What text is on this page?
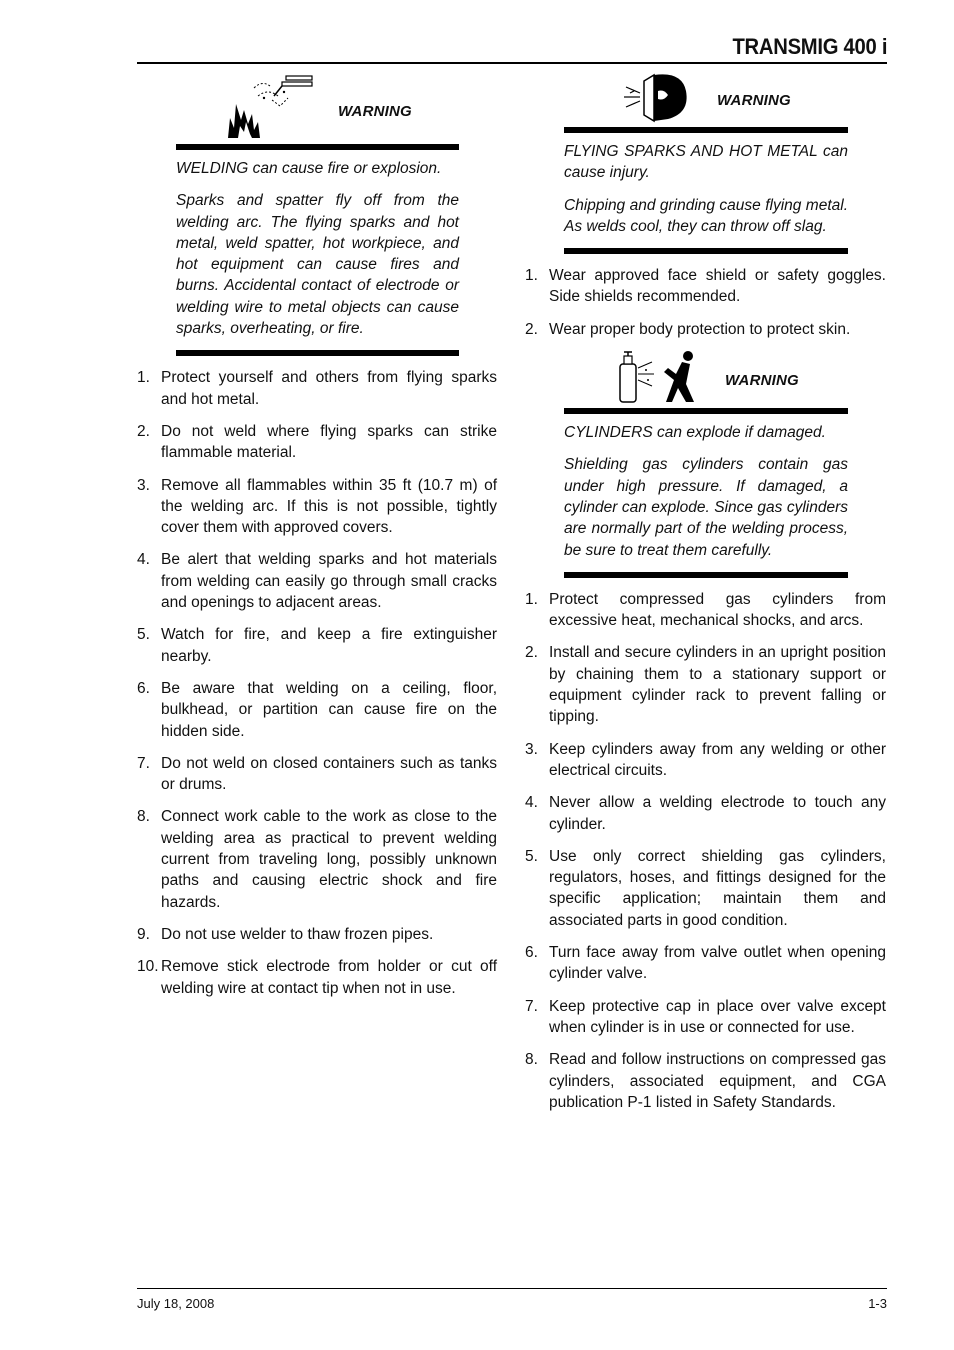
TRANSMIG 400 i
WARNING

WELDING can cause fire or explosion.

Sparks and spatter fly off from the welding arc. The flying sparks and hot metal, weld spatter, hot workpiece, and hot equipment can cause fires and burns. Accidental contact of electrode or welding wire to metal objects can cause sparks, overheating, or fire.

1. Protect yourself and others from flying sparks and hot metal.
2. Do not weld where flying sparks can strike flammable material.
3. Remove all flammables within 35 ft (10.7 m) of the welding arc. If this is not possible, tightly cover them with approved covers.
4. Be alert that welding sparks and hot materials from welding can easily go through small cracks and openings to adjacent areas.
5. Watch for fire, and keep a fire extinguisher nearby.
6. Be aware that welding on a ceiling, floor, bulkhead, or partition can cause fire on the hidden side.
7. Do not weld on closed containers such as tanks or drums.
8. Connect work cable to the work as close to the welding area as practical to prevent welding current from traveling long, possibly unknown paths and causing electric shock and fire hazards.
9. Do not use welder to thaw frozen pipes.
10. Remove stick electrode from holder or cut off welding wire at contact tip when not in use.
WARNING

FLYING SPARKS AND HOT METAL can cause injury.

Chipping and grinding cause flying metal. As welds cool, they can throw off slag.

1. Wear approved face shield or safety goggles. Side shields recommended.
2. Wear proper body protection to protect skin.
WARNING

CYLINDERS can explode if damaged.

Shielding gas cylinders contain gas under high pressure. If damaged, a cylinder can explode. Since gas cylinders are normally part of the welding process, be sure to treat them carefully.

1. Protect compressed gas cylinders from excessive heat, mechanical shocks, and arcs.
2. Install and secure cylinders in an upright position by chaining them to a stationary support or equipment cylinder rack to prevent falling or tipping.
3. Keep cylinders away from any welding or other electrical circuits.
4. Never allow a welding electrode to touch any cylinder.
5. Use only correct shielding gas cylinders, regulators, hoses, and fittings designed for the specific application; maintain them and associated parts in good condition.
6. Turn face away from valve outlet when opening cylinder valve.
7. Keep protective cap in place over valve except when cylinder is in use or connected for use.
8. Read and follow instructions on compressed gas cylinders, associated equipment, and CGA publication P-1 listed in Safety Standards.
July 18, 2008	1-3
